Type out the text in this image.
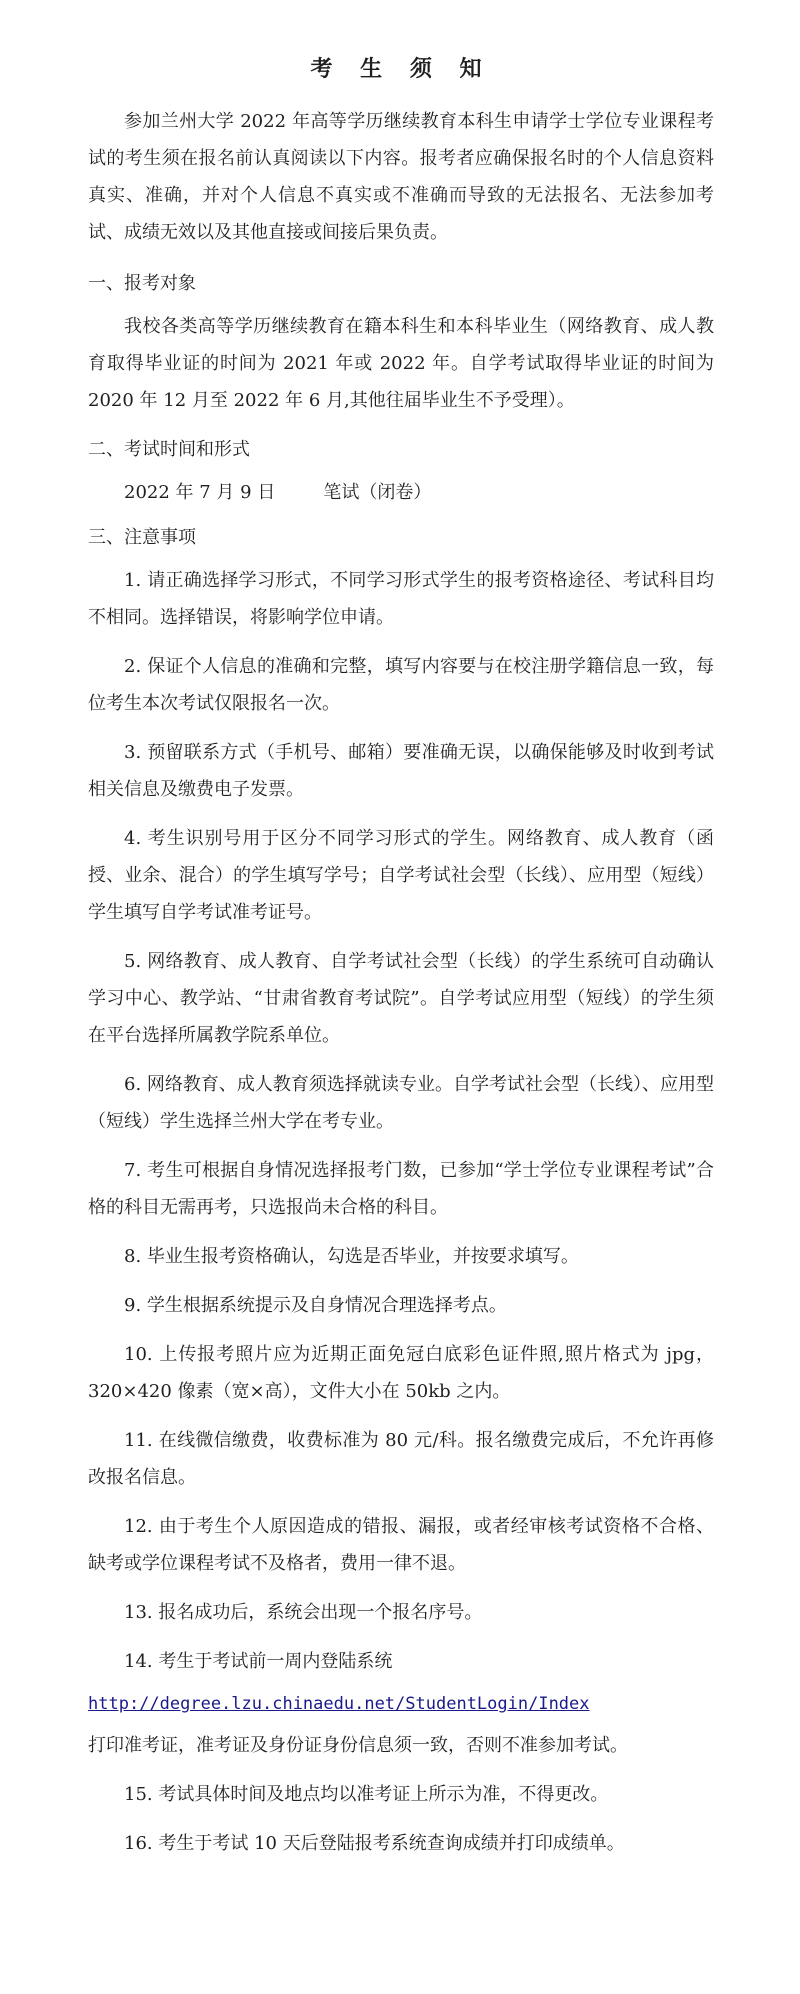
考 生 须 知

参加兰州大学 2022 年高等学历继续教育本科生申请学士学位专业课程考试的考生须在报名前认真阅读以下内容。报考者应确保报名时的个人信息资料真实、准确，并对个人信息不真实或不准确而导致的无法报名、无法参加考试、成绩无效以及其他直接或间接后果负责。

一、报考对象

我校各类高等学历继续教育在籍本科生和本科毕业生（网络教育、成人教育取得毕业证的时间为 2021 年或 2022 年。自学考试取得毕业证的时间为 2020 年 12 月至 2022 年 6 月,其他往届毕业生不予受理）。

二、考试时间和形式

2022 年 7 月 9 日	笔试（闭卷）

三、注意事项

1. 请正确选择学习形式，不同学习形式学生的报考资格途径、考试科目均不相同。选择错误，将影响学位申请。

2. 保证个人信息的准确和完整，填写内容要与在校注册学籍信息一致，每位考生本次考试仅限报名一次。

3. 预留联系方式（手机号、邮箱）要准确无误，以确保能够及时收到考试相关信息及缴费电子发票。

4. 考生识别号用于区分不同学习形式的学生。网络教育、成人教育（函授、业余、混合）的学生填写学号；自学考试社会型（长线）、应用型（短线）学生填写自学考试准考证号。

5. 网络教育、成人教育、自学考试社会型（长线）的学生系统可自动确认学习中心、教学站、“甘肃省教育考试院”。自学考试应用型（短线）的学生须在平台选择所属教学院系单位。

6. 网络教育、成人教育须选择就读专业。自学考试社会型（长线）、应用型（短线）学生选择兰州大学在考专业。

7. 考生可根据自身情况选择报考门数，已参加“学士学位专业课程考试”合格的科目无需再考，只选报尚未合格的科目。

8. 毕业生报考资格确认，勾选是否毕业，并按要求填写。

9. 学生根据系统提示及自身情况合理选择考点。

10. 上传报考照片应为近期正面免冠白底彩色证件照,照片格式为 jpg，320×420 像素（宽×高），文件大小在 50kb 之内。

11. 在线微信缴费，收费标准为 80 元/科。报名缴费完成后，不允许再修改报名信息。

12. 由于考生个人原因造成的错报、漏报，或者经审核考试资格不合格、缺考或学位课程考试不及格者，费用一律不退。

13. 报名成功后，系统会出现一个报名序号。

14. 考生于考试前一周内登陆系统

http://degree.lzu.chinaedu.net/StudentLogin/Index

打印准考证，准考证及身份证身份信息须一致，否则不准参加考试。

15. 考试具体时间及地点均以准考证上所示为准，不得更改。

16. 考生于考试 10 天后登陆报考系统查询成绩并打印成绩单。
